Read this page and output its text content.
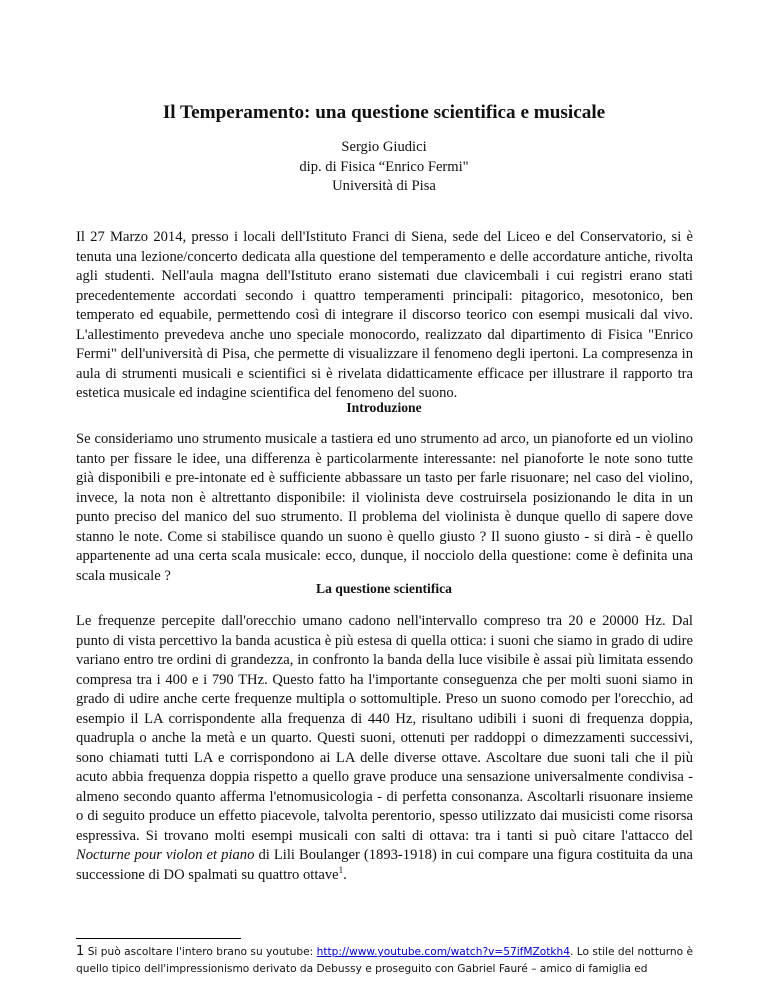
Il Temperamento: una questione scientifica e musicale
Sergio Giudici
dip. di Fisica “Enrico Fermi"
Università di Pisa

Il 27 Marzo 2014, presso i locali dell'Istituto Franci di Siena, sede del Liceo e del Conservatorio, si è tenuta una lezione/concerto dedicata alla questione del temperamento e delle accordature antiche, rivolta agli studenti. Nell'aula magna dell'Istituto erano sistemati due clavicembali i cui registri erano stati precedentemente accordati secondo i quattro temperamenti principali: pitagorico, mesotonico, ben temperato ed equabile, permettendo così di integrare il discorso teorico con esempi musicali dal vivo. L'allestimento prevedeva anche uno speciale monocordo, realizzato dal dipartimento di Fisica "Enrico Fermi" dell'università di Pisa, che permette di visualizzare il fenomeno degli ipertoni. La compresenza in aula di strumenti musicali e scientifici si è rivelata didatticamente efficace per illustrare il rapporto tra estetica musicale ed indagine scientifica del fenomeno del suono.

Introduzione

Se consideriamo uno strumento musicale a tastiera ed uno strumento ad arco, un pianoforte ed un violino tanto per fissare le idee, una differenza è particolarmente interessante: nel pianoforte le note sono tutte già disponibili e pre-intonate ed è sufficiente abbassare un tasto per farle risuonare; nel caso del violino, invece, la nota non è altrettanto disponibile: il violinista deve costruirsela posizionando le dita in un punto preciso del manico del suo strumento. Il problema del violinista è dunque quello di sapere dove stanno le note. Come si stabilisce quando un suono è quello giusto ? Il suono giusto - si dirà - è quello appartenente ad una certa scala musicale: ecco, dunque, il nocciolo della questione: come è definita una scala musicale ?

La questione scientifica

Le frequenze percepite dall'orecchio umano cadono nell'intervallo compreso tra 20 e 20000 Hz. Dal punto di vista percettivo la banda acustica è più estesa di quella ottica: i suoni che siamo in grado di udire variano entro tre ordini di grandezza, in confronto la banda della luce visibile è assai più limitata essendo compresa tra i 400 e i 790 THz. Questo fatto ha l'importante conseguenza che per molti suoni siamo in grado di udire anche certe frequenze multipla o sottomultiple. Preso un suono comodo per l'orecchio, ad esempio il LA corrispondente alla frequenza di 440 Hz, risultano udibili i suoni di frequenza doppia, quadrupla o anche la metà e un quarto. Questi suoni, ottenuti per raddoppi o dimezzamenti successivi, sono chiamati tutti LA e corrispondono ai LA delle diverse ottave. Ascoltare due suoni tali che il più acuto abbia frequenza doppia rispetto a quello grave produce una sensazione universalmente condivisa - almeno secondo quanto afferma l'etnomusicologia - di perfetta consonanza. Ascoltarli risuonare insieme o di seguito produce un effetto piacevole, talvolta perentorio, spesso utilizzato dai musicisti come risorsa espressiva. Si trovano molti esempi musicali con salti di ottava: tra i tanti si può citare l'attacco del Nocturne pour violon et piano di Lili Boulanger (1893-1918) in cui compare una figura costituita da una successione di DO spalmati su quattro ottave$^1$.

1 Si può ascoltare l'intero brano su youtube: http://www.youtube.com/watch?v=57ifMZotkh4. Lo stile del notturno è quello tipico dell'impressionismo derivato da Debussy e proseguito con Gabriel Fauré – amico di famiglia ed
